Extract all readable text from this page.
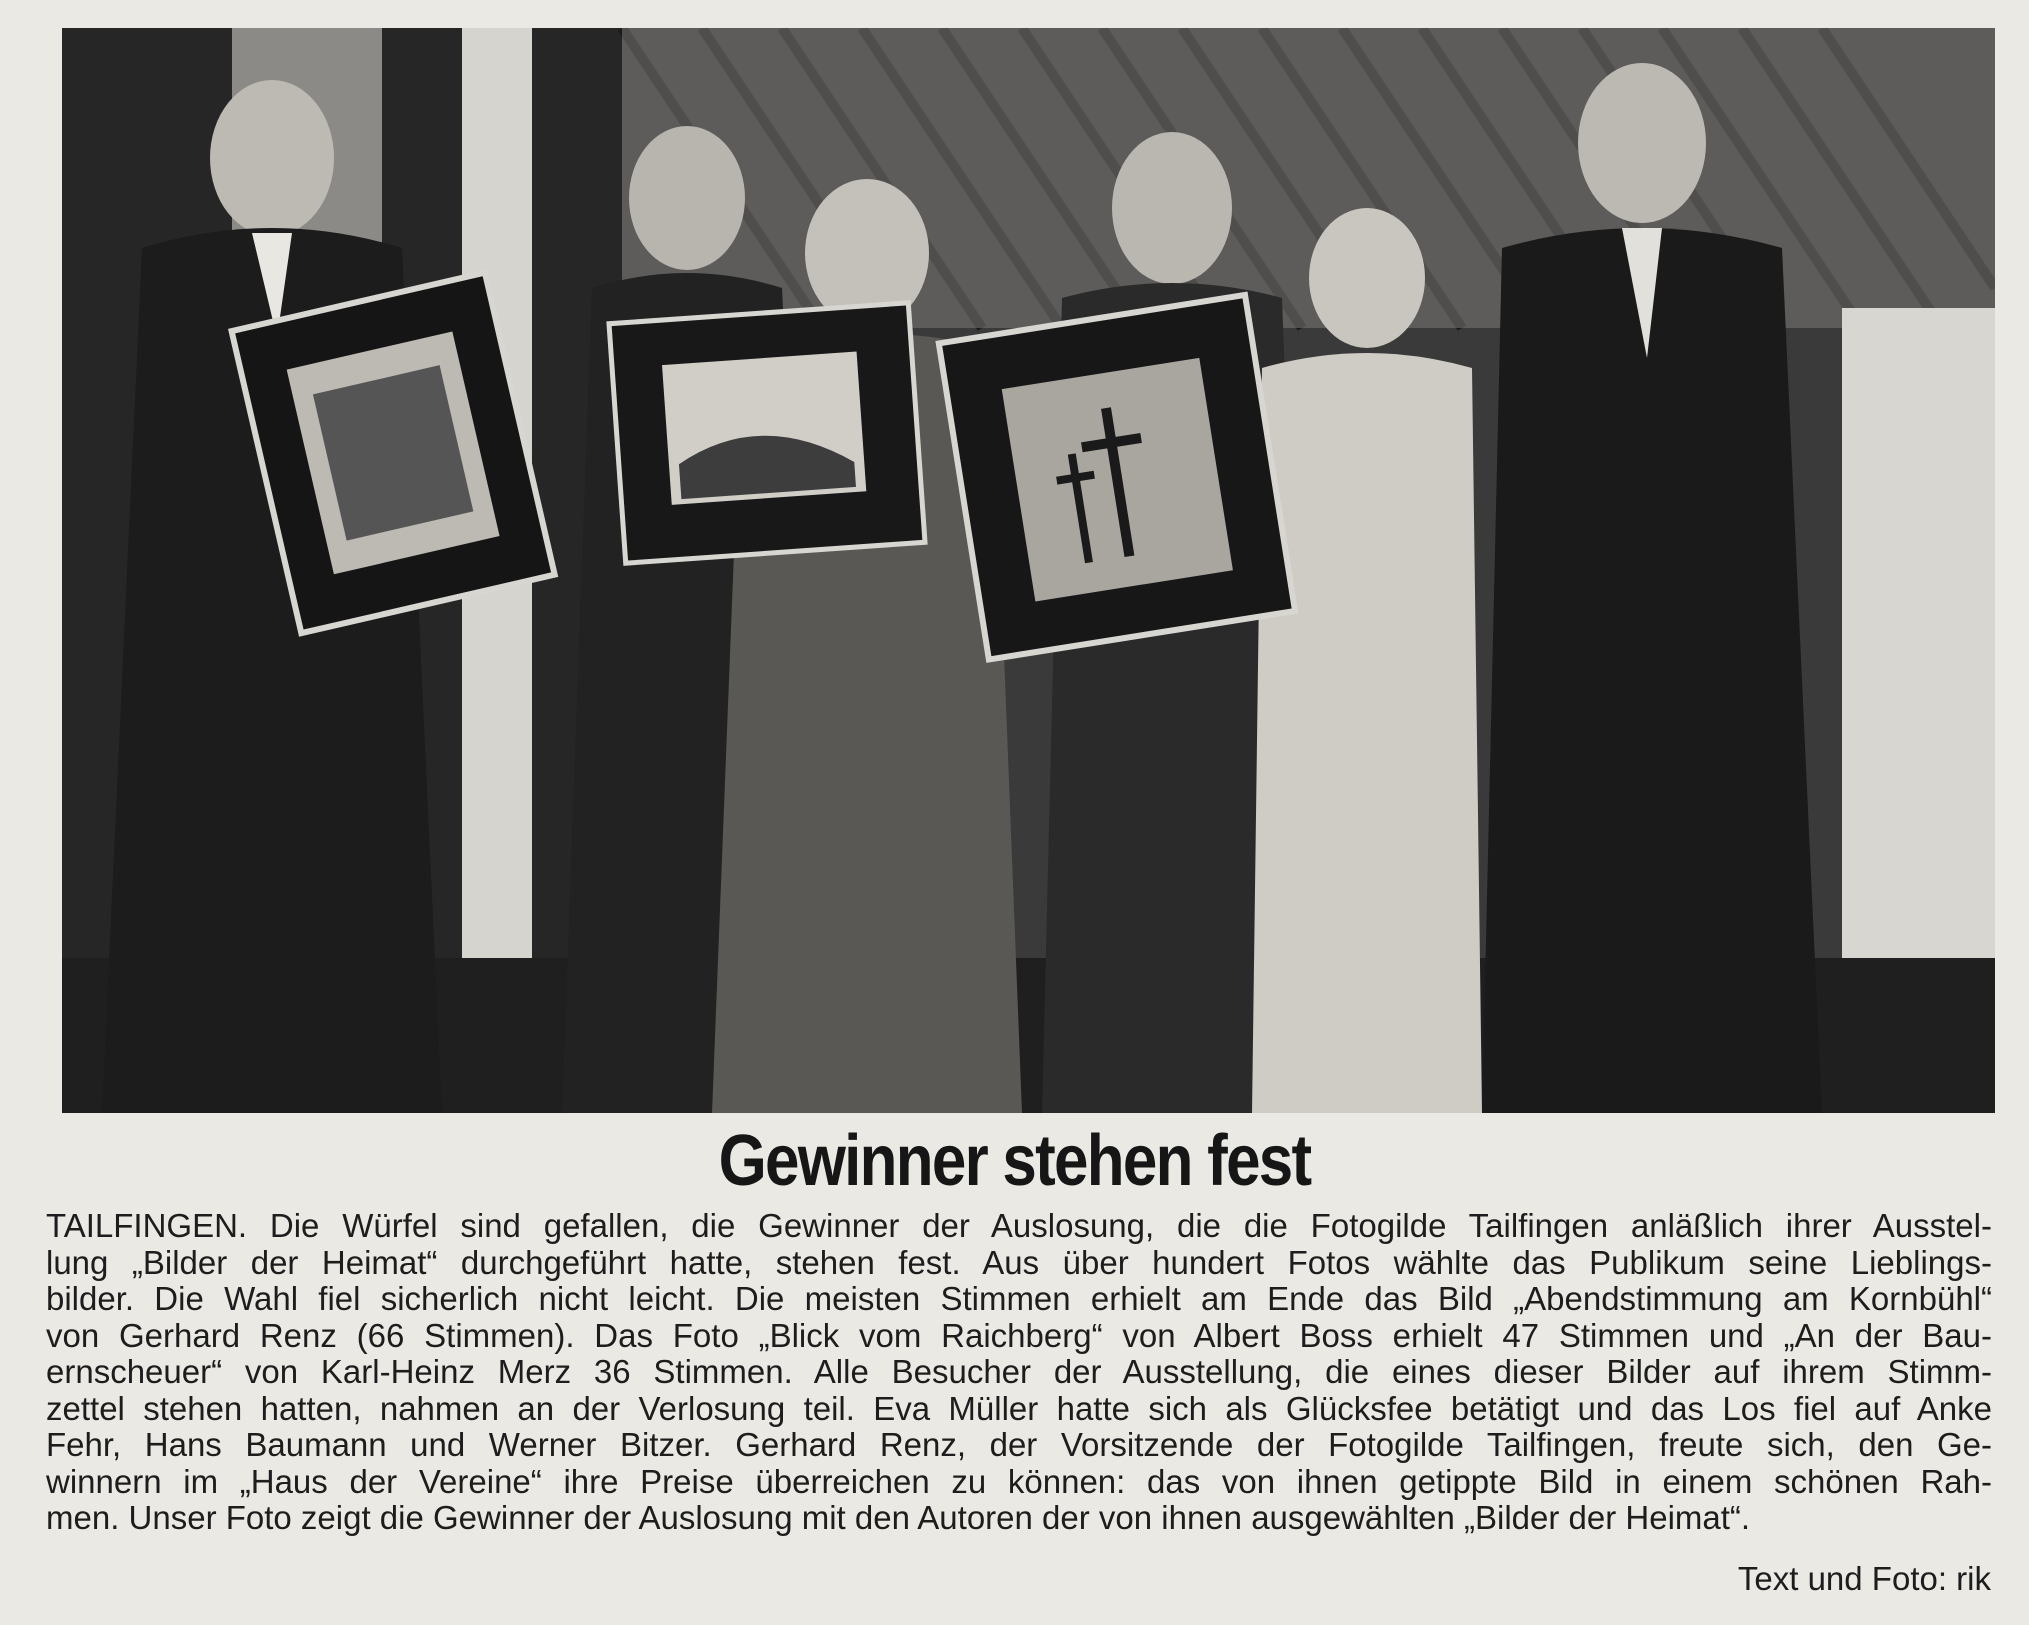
Gewinner stehen fest
TAILFINGEN. Die Würfel sind gefallen, die Gewinner der Auslosung, die die Fotogilde Tailfingen anläßlich ihrer Ausstel-
lung „Bilder der Heimat“ durchgeführt hatte, stehen fest. Aus über hundert Fotos wählte das Publikum seine Lieblings-
bilder. Die Wahl fiel sicherlich nicht leicht. Die meisten Stimmen erhielt am Ende das Bild „Abendstimmung am Kornbühl“
von Gerhard Renz (66 Stimmen). Das Foto „Blick vom Raichberg“ von Albert Boss erhielt 47 Stimmen und „An der Bau-
ernscheuer“ von Karl-Heinz Merz 36 Stimmen. Alle Besucher der Ausstellung, die eines dieser Bilder auf ihrem Stimm-
zettel stehen hatten, nahmen an der Verlosung teil. Eva Müller hatte sich als Glücksfee betätigt und das Los fiel auf Anke
Fehr, Hans Baumann und Werner Bitzer. Gerhard Renz, der Vorsitzende der Fotogilde Tailfingen, freute sich, den Ge-
winnern im „Haus der Vereine“ ihre Preise überreichen zu können: das von ihnen getippte Bild in einem schönen Rah-
men. Unser Foto zeigt die Gewinner der Auslosung mit den Autoren der von ihnen ausgewählten „Bilder der Heimat“.
Text und Foto: rik
